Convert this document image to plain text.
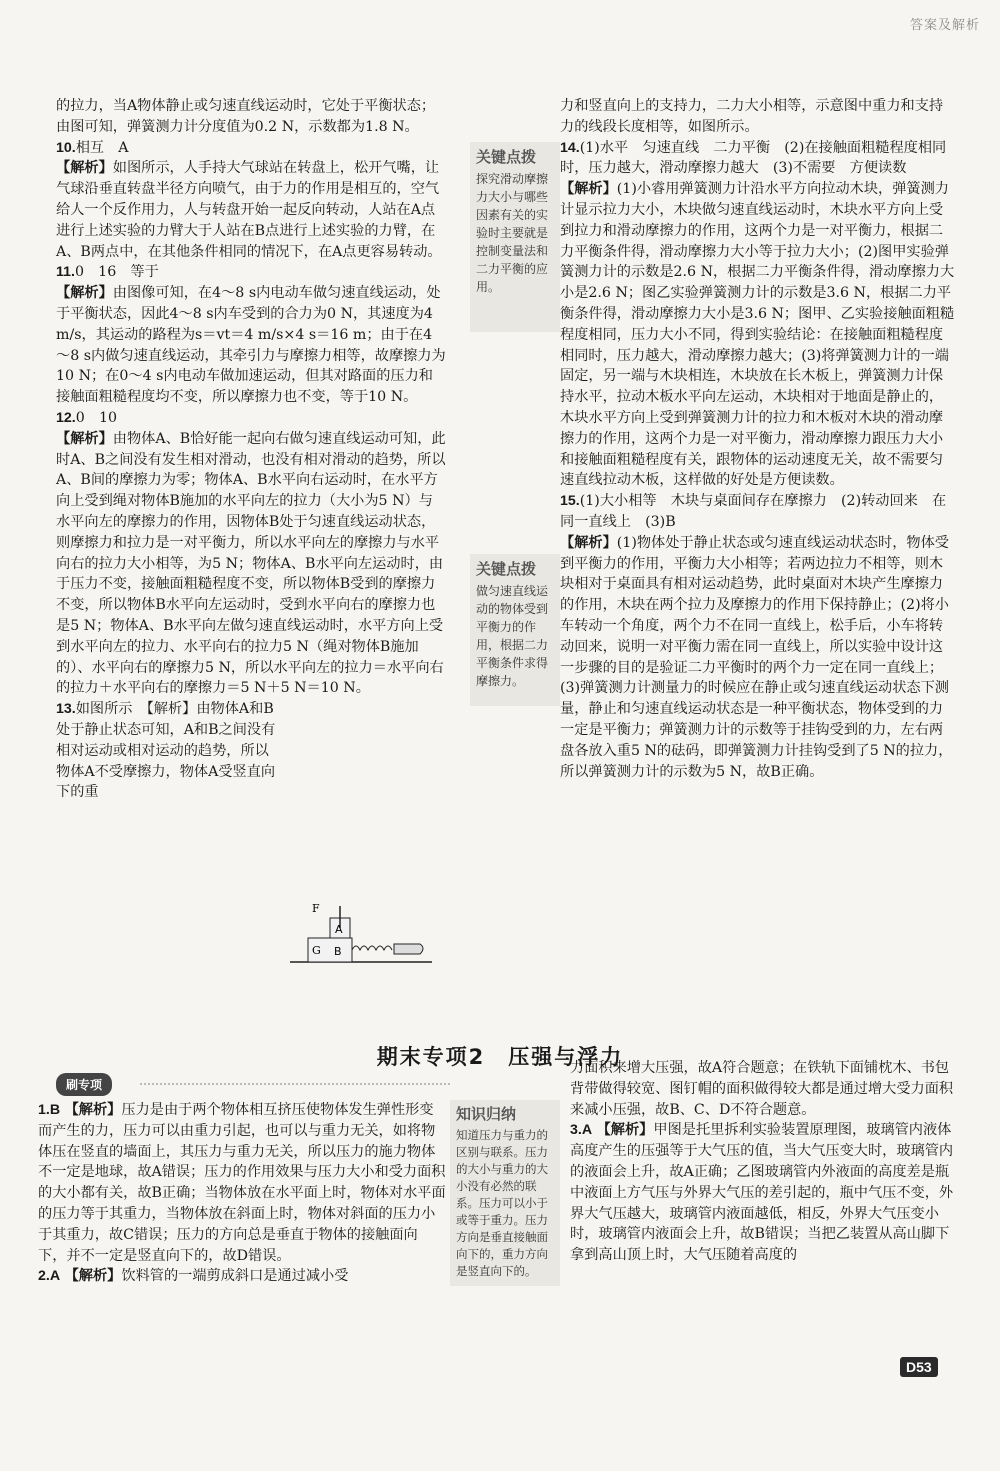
答案及解析

的拉力，当A物体静止或匀速直线运动时，它处于平衡状态；由图可知，弹簧测力计分度值为0.2 N，示数都为1.8 N。

10.相互　A

【解析】如图所示，人手持大气球站在转盘上，松开气嘴，让气球沿垂直转盘半径方向喷气，由于力的作用是相互的，空气给人一个反作用力，人与转盘开始一起反向转动，人站在A点进行上述实验的力臂大于人站在B点进行上述实验的力臂，在A、B两点中，在其他条件相同的情况下，在A点更容易转动。

11.0　16　等于

【解析】由图像可知，在4～8 s内电动车做匀速直线运动，处于平衡状态，因此4～8 s内车受到的合力为0 N，其速度为4 m/s，其运动的路程为s＝vt＝4 m/s×4 s＝16 m；由于在4～8 s内做匀速直线运动，其牵引力与摩擦力相等，故摩擦力为10 N；在0～4 s内电动车做加速运动，但其对路面的压力和接触面粗糙程度均不变，所以摩擦力也不变，等于10 N。

12.0　10

【解析】由物体A、B恰好能一起向右做匀速直线运动可知，此时A、B之间没有发生相对滑动，也没有相对滑动的趋势，所以A、B间的摩擦力为零；物体A、B水平向右运动时，在水平方向上受到绳对物体B施加的水平向左的拉力（大小为5 N）与水平向左的摩擦力的作用，因物体B处于匀速直线运动状态，则摩擦力和拉力是一对平衡力，所以水平向左的摩擦力与水平向右的拉力大小相等，为5 N；物体A、B水平向左运动时，由于压力不变，接触面粗糙程度不变，所以物体B受到的摩擦力不变，所以物体B水平向左运动时，受到水平向右的摩擦力也是5 N；物体A、B水平向左做匀速直线运动时，水平方向上受到水平向左的拉力、水平向右的拉力5 N（绳对物体B施加的）、水平向右的摩擦力5 N，所以水平向左的拉力＝水平向右的拉力＋水平向右的摩擦力＝5 N＋5 N＝10 N。

13.如图所示　【解析】由物体A和B处于静止状态可知，A和B之间没有相对运动或相对运动的趋势，所以物体A不受摩擦力，物体A受竖直向下的重

F
A
G B
关键点拨
探究滑动摩擦力大小与哪些因素有关的实验时主要就是控制变量法和二力平衡的应用。
关键点拨
做匀速直线运动的物体受到平衡力的作用，根据二力平衡条件求得摩擦力。

力和竖直向上的支持力，二力大小相等，示意图中重力和支持力的线段长度相等，如图所示。

14.(1)水平　匀速直线　二力平衡　(2)在接触面粗糙程度相同时，压力越大，滑动摩擦力越大　(3)不需要　方便读数

【解析】(1)小睿用弹簧测力计沿水平方向拉动木块，弹簧测力计显示拉力大小，木块做匀速直线运动时，木块水平方向上受到拉力和滑动摩擦力的作用，这两个力是一对平衡力，根据二力平衡条件得，滑动摩擦力大小等于拉力大小；(2)图甲实验弹簧测力计的示数是2.6 N，根据二力平衡条件得，滑动摩擦力大小是2.6 N；图乙实验弹簧测力计的示数是3.6 N，根据二力平衡条件得，滑动摩擦力大小是3.6 N；图甲、乙实验接触面粗糙程度相同，压力大小不同，得到实验结论：在接触面粗糙程度相同时，压力越大，滑动摩擦力越大；(3)将弹簧测力计的一端固定，另一端与木块相连，木块放在长木板上，弹簧测力计保持水平，拉动木板水平向左运动，木块相对于地面是静止的，木块水平方向上受到弹簧测力计的拉力和木板对木块的滑动摩擦力的作用，这两个力是一对平衡力，滑动摩擦力跟压力大小和接触面粗糙程度有关，跟物体的运动速度无关，故不需要匀速直线拉动木板，这样做的好处是方便读数。

15.(1)大小相等　木块与桌面间存在摩擦力　(2)转动回来　在同一直线上　(3)B

【解析】(1)物体处于静止状态或匀速直线运动状态时，物体受到平衡力的作用，平衡力大小相等；若两边拉力不相等，则木块相对于桌面具有相对运动趋势，此时桌面对木块产生摩擦力的作用，木块在两个拉力及摩擦力的作用下保持静止；(2)将小车转动一个角度，两个力不在同一直线上，松手后，小车将转动回来，说明一对平衡力需在同一直线上，所以实验中设计这一步骤的目的是验证二力平衡时的两个力一定在同一直线上；(3)弹簧测力计测量力的时候应在静止或匀速直线运动状态下测量，静止和匀速直线运动状态是一种平衡状态，物体受到的力一定是平衡力；弹簧测力计的示数等于挂钩受到的力，左右两盘各放入重5 N的砝码，即弹簧测力计挂钩受到了5 N的拉力，所以弹簧测力计的示数为5 N，故B正确。

期末专项2　压强与浮力
刷专项

1.B 【解析】压力是由于两个物体相互挤压使物体发生弹性形变而产生的力，压力可以由重力引起，也可以与重力无关，如将物体压在竖直的墙面上，其压力与重力无关，所以压力的施力物体不一定是地球，故A错误；压力的作用效果与压力大小和受力面积的大小都有关，故B正确；当物体放在水平面上时，物体对水平面的压力等于其重力，当物体放在斜面上时，物体对斜面的压力小于其重力，故C错误；压力的方向总是垂直于物体的接触面向下，并不一定是竖直向下的，故D错误。

2.A 【解析】饮料管的一端剪成斜口是通过减小受

知识归纳
知道压力与重力的区别与联系。压力的大小与重力的大小没有必然的联系。压力可以小于或等于重力。压力方向是垂直接触面向下的，重力方向是竖直向下的。

力面积来增大压强，故A符合题意；在铁轨下面铺枕木、书包背带做得较宽、图钉帽的面积做得较大都是通过增大受力面积来减小压强，故B、C、D不符合题意。

3.A 【解析】甲图是托里拆利实验装置原理图，玻璃管内液体高度产生的压强等于大气压的值，当大气压变大时，玻璃管内的液面会上升，故A正确；乙图玻璃管内外液面的高度差是瓶中液面上方气压与外界大气压的差引起的，瓶中气压不变，外界大气压越大，玻璃管内液面越低，相反，外界大气压变小时，玻璃管内液面会上升，故B错误；当把乙装置从高山脚下拿到高山顶上时，大气压随着高度的

D53
